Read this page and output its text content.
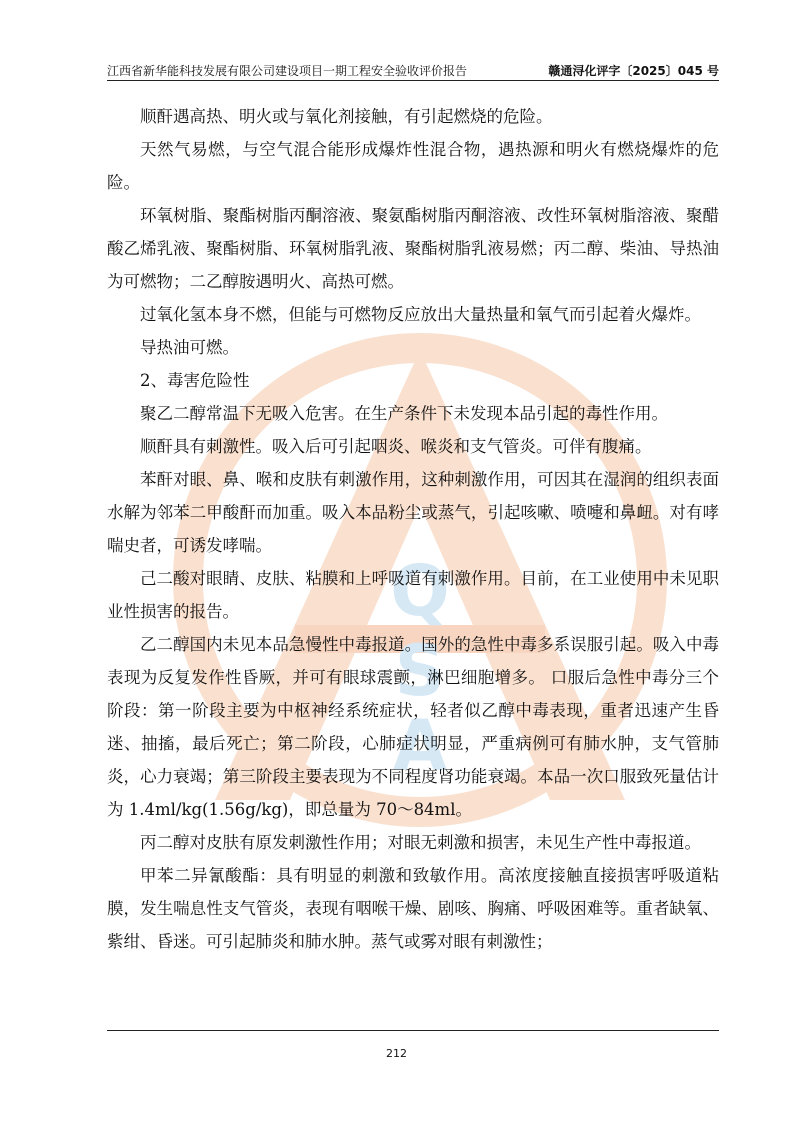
江西省新华能科技发展有限公司建设项目一期工程安全验收评价报告	赣通浔化评字〔2025〕045 号
Q
S
A

顺酐遇高热、明火或与氧化剂接触，有引起燃烧的危险。

天然气易燃，与空气混合能形成爆炸性混合物，遇热源和明火有燃烧爆炸的危险。

环氧树脂、聚酯树脂丙酮溶液、聚氨酯树脂丙酮溶液、改性环氧树脂溶液、聚醋酸乙烯乳液、聚酯树脂、环氧树脂乳液、聚酯树脂乳液易燃；丙二醇、柴油、导热油为可燃物；二乙醇胺遇明火、高热可燃。

过氧化氢本身不燃，但能与可燃物反应放出大量热量和氧气而引起着火爆炸。

导热油可燃。

2、毒害危险性

聚乙二醇常温下无吸入危害。在生产条件下未发现本品引起的毒性作用。

顺酐具有刺激性。吸入后可引起咽炎、喉炎和支气管炎。可伴有腹痛。

苯酐对眼、鼻、喉和皮肤有刺激作用，这种刺激作用，可因其在湿润的组织表面水解为邻苯二甲酸酐而加重。吸入本品粉尘或蒸气，引起咳嗽、喷嚏和鼻衄。对有哮喘史者，可诱发哮喘。

己二酸对眼睛、皮肤、粘膜和上呼吸道有刺激作用。目前，在工业使用中未见职业性损害的报告。

乙二醇国内未见本品急慢性中毒报道。国外的急性中毒多系误服引起。吸入中毒表现为反复发作性昏厥，并可有眼球震颤，淋巴细胞增多。 口服后急性中毒分三个阶段：第一阶段主要为中枢神经系统症状，轻者似乙醇中毒表现，重者迅速产生昏迷、抽搐，最后死亡；第二阶段，心肺症状明显，严重病例可有肺水肿，支气管肺炎，心力衰竭；第三阶段主要表现为不同程度肾功能衰竭。本品一次口服致死量估计为 1.4ml/kg(1.56g/kg)，即总量为 70～84ml。

丙二醇对皮肤有原发刺激性作用；对眼无刺激和损害，未见生产性中毒报道。

甲苯二异氰酸酯：具有明显的刺激和致敏作用。高浓度接触直接损害呼吸道粘膜，发生喘息性支气管炎，表现有咽喉干燥、剧咳、胸痛、呼吸困难等。重者缺氧、紫绀、昏迷。可引起肺炎和肺水肿。蒸气或雾对眼有刺激性；

212
